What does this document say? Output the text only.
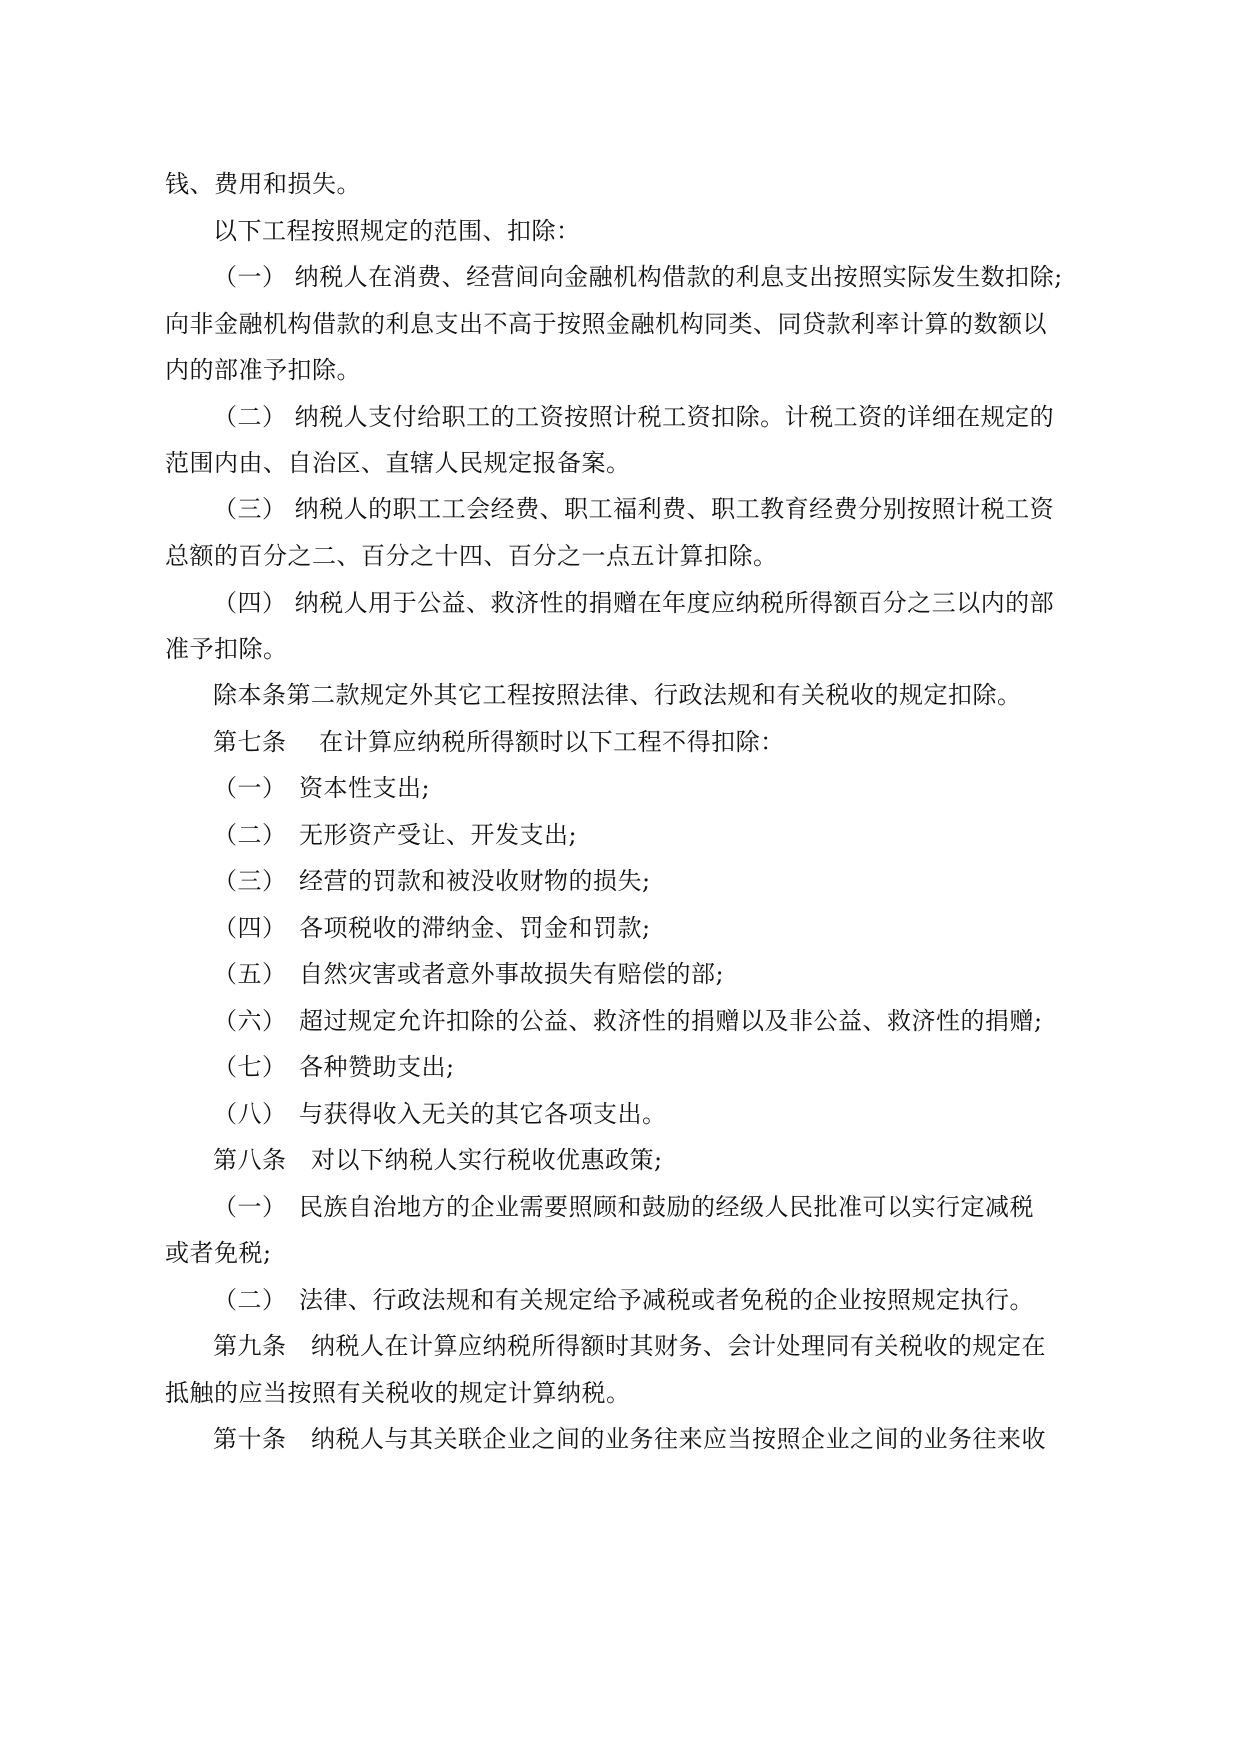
钱、费用和损失。
以下工程按照规定的范围、扣除：
（一） 纳税人在消费、经营间向金融机构借款的利息支出按照实际发生数扣除;
向非金融机构借款的利息支出不高于按照金融机构同类、同贷款利率计算的数额以
内的部准予扣除。
（二） 纳税人支付给职工的工资按照计税工资扣除。计税工资的详细在规定的
范围内由、自治区、直辖人民规定报备案。
（三） 纳税人的职工工会经费、职工福利费、职工教育经费分别按照计税工资
总额的百分之二、百分之十四、百分之一点五计算扣除。
（四） 纳税人用于公益、救济性的捐赠在年度应纳税所得额百分之三以内的部
准予扣除。
除本条第二款规定外其它工程按照法律、行政法规和有关税收的规定扣除。
第七条　 在计算应纳税所得额时以下工程不得扣除：
（一）　资本性支出;
（二）　无形资产受让、开发支出;
（三）　经营的罚款和被没收财物的损失;
（四）　各项税收的滞纳金、罚金和罚款;
（五）　自然灾害或者意外事故损失有赔偿的部;
（六）　超过规定允许扣除的公益、救济性的捐赠以及非公益、救济性的捐赠;
（七）　各种赞助支出;
（八）　与获得收入无关的其它各项支出。
第八条　对以下纳税人实行税收优惠政策;
（一）　民族自治地方的企业需要照顾和鼓励的经级人民批准可以实行定减税
或者免税;
（二）　法律、行政法规和有关规定给予减税或者免税的企业按照规定执行。
第九条　纳税人在计算应纳税所得额时其财务、会计处理同有关税收的规定在
抵触的应当按照有关税收的规定计算纳税。
第十条　纳税人与其关联企业之间的业务往来应当按照企业之间的业务往来收
